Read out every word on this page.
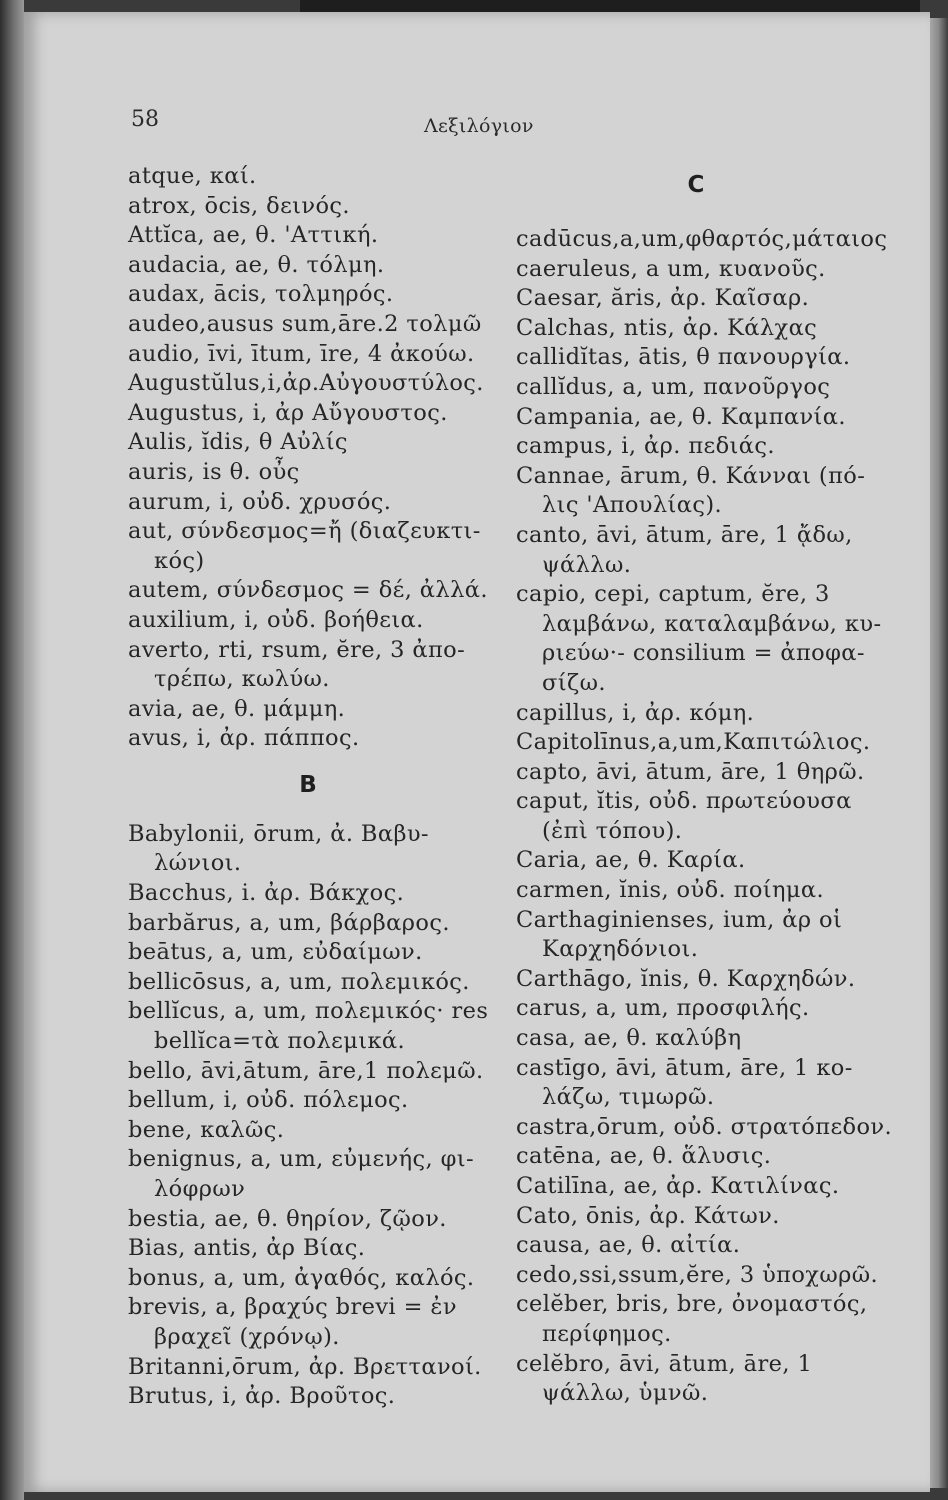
58	Λεξιλόγιον
atque, καί.
atrox, ōcis, δεινός.
Attĭca, ae, θ. 'Αττική.
audacia, ae, θ. τόλμη.
audax, ācis, τολμηρός.
audeo,ausus sum,āre.2 τολμῶ
audio, īvi, ītum, īre, 4 ἀκούω.
Augustŭlus,i,ἀρ.Αὐγουστύλος.
Augustus, i, ἀρ Αὔγουστος.
Aulis, ĭdis, θ Αὐλίς
auris, is θ. οὖς
aurum, i, οὐδ. χρυσός.
aut, σύνδεσμος=ἤ (διαζευκτι-
κός)
autem, σύνδεσμος = δέ, ἀλλά.
auxilium, i, οὐδ. βοήθεια.
averto, rti, rsum, ĕre, 3 ἀπο-
τρέπω, κωλύω.
avia, ae, θ. μάμμη.
avus, i, ἀρ. πάππος.
B
Babylonii, ōrum, ἀ. Βαβυ-
λώνιοι.
Bacchus, i. ἀρ. Βάκχος.
barbărus, a, um, βάρβαρος.
beātus, a, um, εὐδαίμων.
bellicōsus, a, um, πολεμικός.
bellĭcus, a, um, πολεμικός· res
bellĭca=τὰ πολεμικά.
bello, āvi,ātum, āre,1 πολεμῶ.
bellum, i, οὐδ. πόλεμος.
bene, καλῶς.
benignus, a, um, εὐμενής, φι-
λόφρων
bestia, ae, θ. θηρίον, ζῷον.
Bias, antis, ἀρ Βίας.
bonus, a, um, ἀγαθός, καλός.
brevis, a, βραχύς brevi = ἐν
βραχεῖ (χρόνῳ).
Britanni,ōrum, ἀρ. Βρεττανοί.
Brutus, i, ἀρ. Βροῦτος.
C
cadūcus,a,um,φθαρτός,μάταιος
caeruleus, a um, κυανοῦς.
Caesar, ăris, ἀρ. Καῖσαρ.
Calchas, ntis, ἀρ. Κάλχας
callidĭtas, ātis, θ πανουργία.
callĭdus, a, um, πανοῦργος
Campania, ae, θ. Καμπανία.
campus, i, ἀρ. πεδιάς.
Cannae, ārum, θ. Κάνναι (πό-
λις 'Απουλίας).
canto, āvi, ātum, āre, 1 ᾄδω,
ψάλλω.
capio, cepi, captum, ĕre, 3
λαμβάνω, καταλαμβάνω, κυ-
ριεύω·- consilium = ἀποφα-
σίζω.
capillus, i, ἀρ. κόμη.
Capitolīnus,a,um,Καπιτώλιος.
capto, āvi, ātum, āre, 1 θηρῶ.
caput, ĭtis, οὐδ. πρωτεύουσα
(ἐπὶ τόπου).
Caria, ae, θ. Καρία.
carmen, ĭnis, οὐδ. ποίημα.
Carthaginienses, ium, ἀρ οἱ
Καρχηδόνιοι.
Carthāgo, ĭnis, θ. Καρχηδών.
carus, a, um, προσφιλής.
casa, ae, θ. καλύβη
castīgo, āvi, ātum, āre, 1 κο-
λάζω, τιμωρῶ.
castra,ōrum, οὐδ. στρατόπεδον.
catēna, ae, θ. ἅλυσις.
Catilīna, ae, ἀρ. Κατιλίνας.
Cato, ōnis, ἀρ. Κάτων.
causa, ae, θ. αἰτία.
cedo,ssi,ssum,ĕre, 3 ὑποχωρῶ.
celĕber, bris, bre, ὀνομαστός,
περίφημος.
celĕbro, āvi, ātum, āre, 1
ψάλλω, ὑμνῶ.
